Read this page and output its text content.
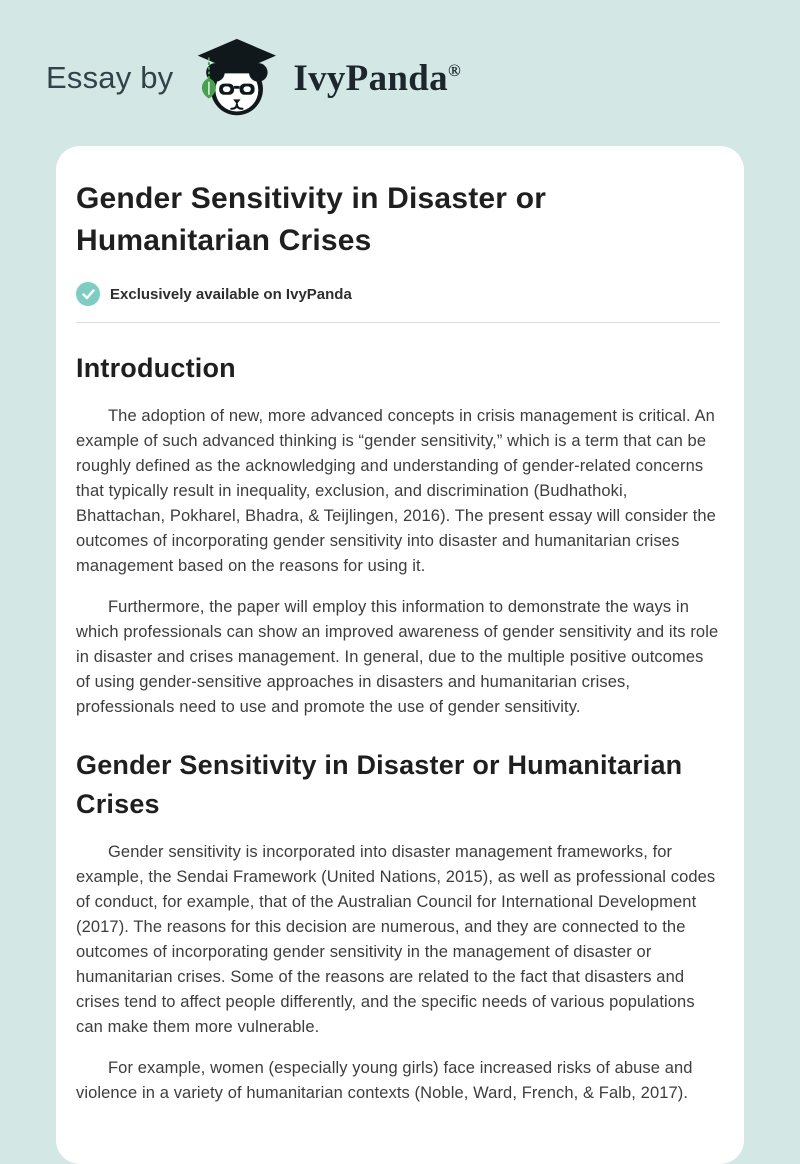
Essay by	IvyPanda®
Gender Sensitivity in Disaster or Humanitarian Crises
Exclusively available on IvyPanda
Introduction

The adoption of new, more advanced concepts in crisis management is critical. An example of such advanced thinking is “gender sensitivity,” which is a term that can be roughly defined as the acknowledging and understanding of gender-related concerns that typically result in inequality, exclusion, and discrimination (Budhathoki, Bhattachan, Pokharel, Bhadra, & Teijlingen, 2016). The present essay will consider the outcomes of incorporating gender sensitivity into disaster and humanitarian crises management based on the reasons for using it.

Furthermore, the paper will employ this information to demonstrate the ways in which professionals can show an improved awareness of gender sensitivity and its role in disaster and crises management. In general, due to the multiple positive outcomes of using gender-sensitive approaches in disasters and humanitarian crises, professionals need to use and promote the use of gender sensitivity.

Gender Sensitivity in Disaster or Humanitarian Crises

Gender sensitivity is incorporated into disaster management frameworks, for example, the Sendai Framework (United Nations, 2015), as well as professional codes of conduct, for example, that of the Australian Council for International Development (2017). The reasons for this decision are numerous, and they are connected to the outcomes of incorporating gender sensitivity in the management of disaster or humanitarian crises. Some of the reasons are related to the fact that disasters and crises tend to affect people differently, and the specific needs of various populations can make them more vulnerable.

For example, women (especially young girls) face increased risks of abuse and violence in a variety of humanitarian contexts (Noble, Ward, French, & Falb, 2017).
